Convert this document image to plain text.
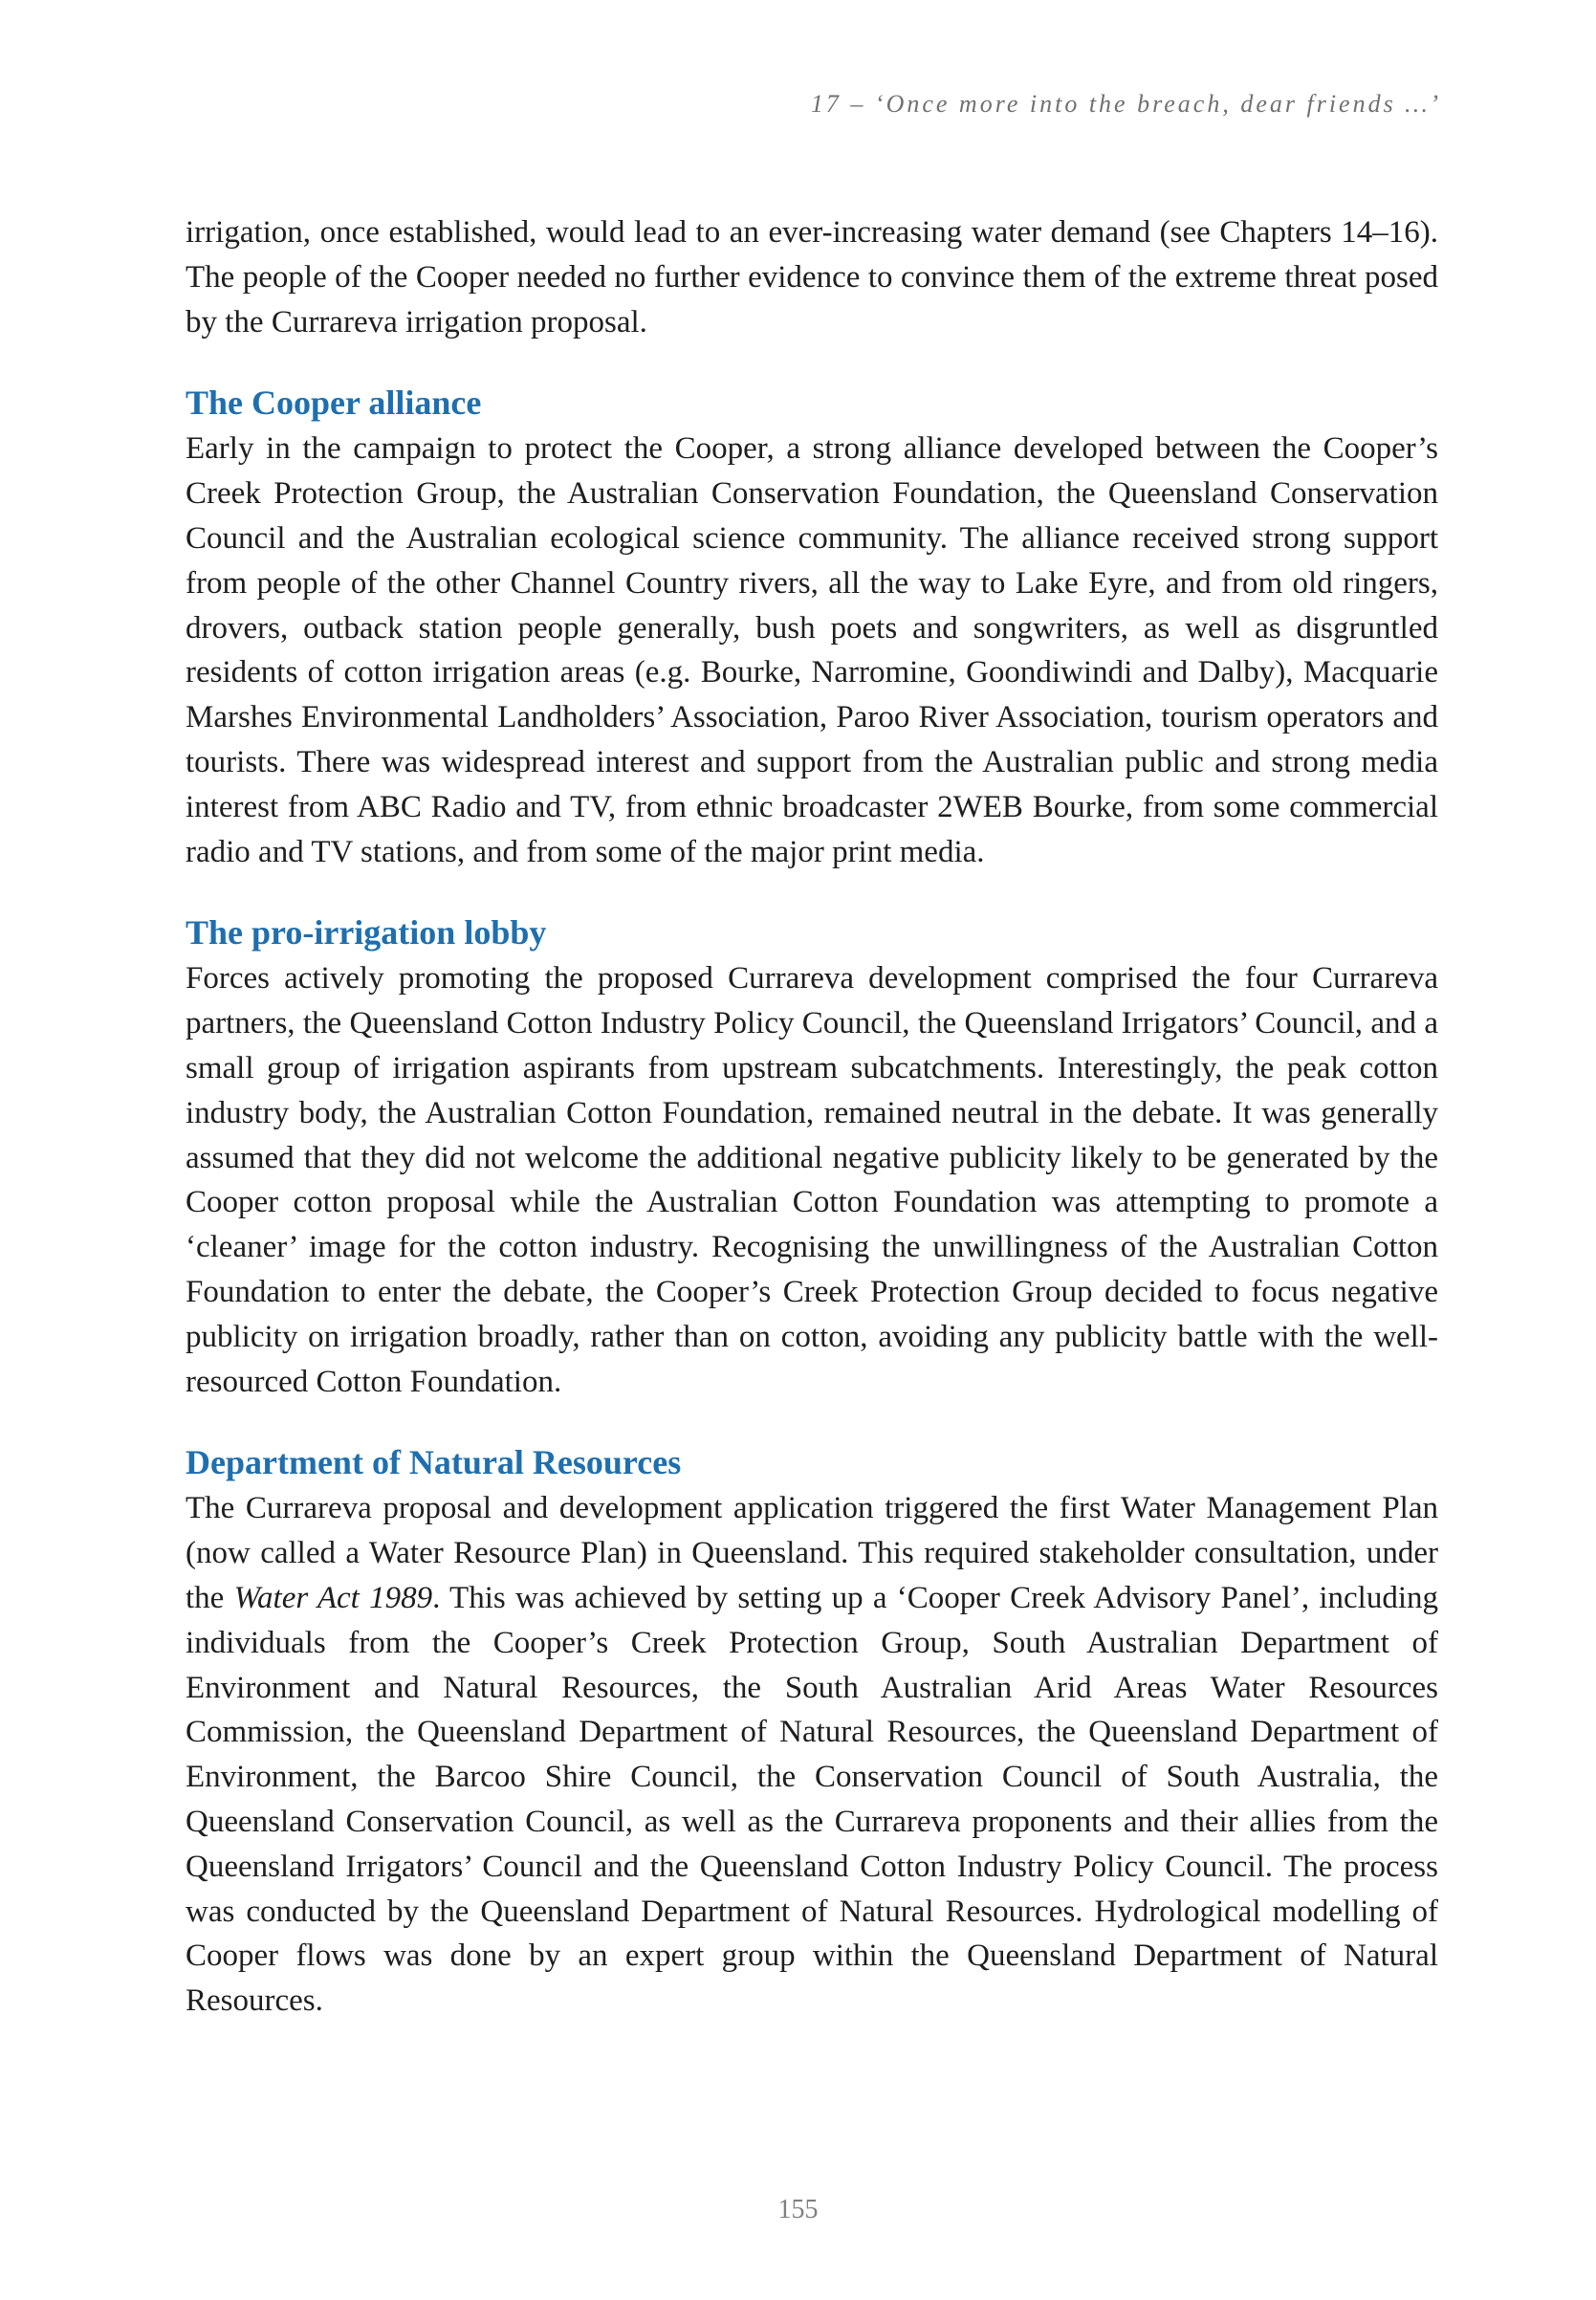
17 – ‘Once more into the breach, dear friends …’

irrigation, once established, would lead to an ever-increasing water demand (see Chapters 14–16). The people of the Cooper needed no further evidence to convince them of the extreme threat posed by the Currareva irrigation proposal.

The Cooper alliance

Early in the campaign to protect the Cooper, a strong alliance developed between the Cooper’s Creek Protection Group, the Australian Conservation Foundation, the Queensland Conservation Council and the Australian ecological science community. The alliance received strong support from people of the other Channel Country rivers, all the way to Lake Eyre, and from old ringers, drovers, outback station people generally, bush poets and songwriters, as well as disgruntled residents of cotton irrigation areas (e.g. Bourke, Narromine, Goondiwindi and Dalby), Macquarie Marshes Environmental Landholders’ Association, Paroo River Association, tourism operators and tourists. There was widespread interest and support from the Australian public and strong media interest from ABC Radio and TV, from ethnic broadcaster 2WEB Bourke, from some commercial radio and TV stations, and from some of the major print media.

The pro-irrigation lobby

Forces actively promoting the proposed Currareva development comprised the four Currareva partners, the Queensland Cotton Industry Policy Council, the Queensland Irrigators’ Council, and a small group of irrigation aspirants from upstream subcatchments. Interestingly, the peak cotton industry body, the Australian Cotton Foundation, remained neutral in the debate. It was generally assumed that they did not welcome the additional negative publicity likely to be generated by the Cooper cotton proposal while the Australian Cotton Foundation was attempting to promote a ‘cleaner’ image for the cotton industry. Recognising the unwillingness of the Australian Cotton Foundation to enter the debate, the Cooper’s Creek Protection Group decided to focus negative publicity on irrigation broadly, rather than on cotton, avoiding any publicity battle with the well-resourced Cotton Foundation.

Department of Natural Resources

The Currareva proposal and development application triggered the first Water Management Plan (now called a Water Resource Plan) in Queensland. This required stakeholder consultation, under the Water Act 1989. This was achieved by setting up a ‘Cooper Creek Advisory Panel’, including individuals from the Cooper’s Creek Protection Group, South Australian Department of Environment and Natural Resources, the South Australian Arid Areas Water Resources Commission, the Queensland Department of Natural Resources, the Queensland Department of Environment, the Barcoo Shire Council, the Conservation Council of South Australia, the Queensland Conservation Council, as well as the Currareva proponents and their allies from the Queensland Irrigators’ Council and the Queensland Cotton Industry Policy Council. The process was conducted by the Queensland Department of Natural Resources. Hydrological modelling of Cooper flows was done by an expert group within the Queensland Department of Natural Resources.

155
